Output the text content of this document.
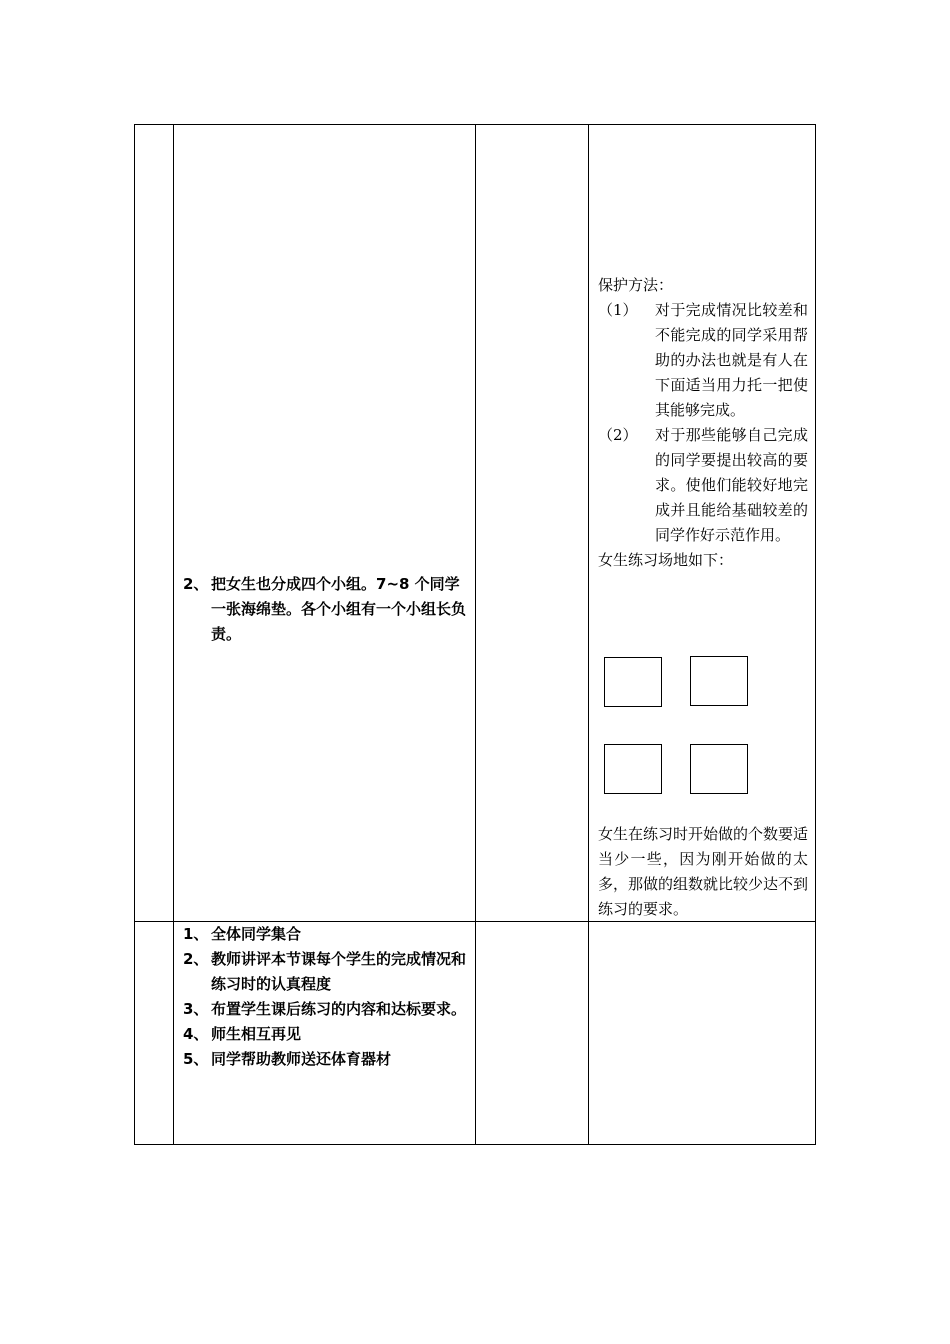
2、 把女生也分成四个小组。7~8 个同学一张海绵垫。各个小组有一个小组长负责。

保护方法：

（1）	对于完成情况比较差和不能完成的同学采用帮助的办法也就是有人在下面适当用力托一把使其能够完成。
（2）	对于那些能够自己完成的同学要提出较高的要求。使他们能较好地完成并且能给基础较差的同学作好示范作用。

女生练习场地如下：

女生在练习时开始做的个数要适当少一些，因为刚开始做的太多，那做的组数就比较少达不到练习的要求。

1、 全体同学集合
2、 教师讲评本节课每个学生的完成情况和练习时的认真程度
3、 布置学生课后练习的内容和达标要求。
4、 师生相互再见
5、 同学帮助教师送还体育器材
